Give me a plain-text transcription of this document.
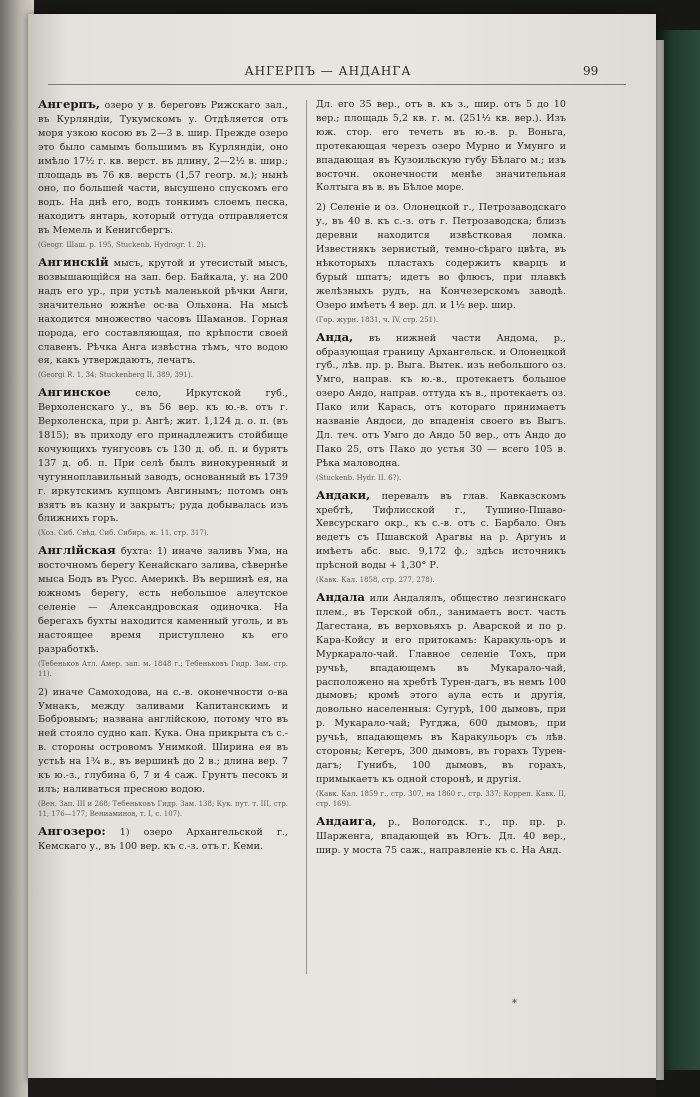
АНГЕРПЪ — АНДАНГА	99

Ангерпъ, озеро у в. береговъ Рижскаго зал., въ Курляндіи, Тукумскомъ у. Отдѣляется отъ моря узкою косою въ 2—3 в. шир. Прежде озеро это было самымъ большимъ въ Курляндіи, оно имѣло 17½ г. кв. верст. въ длину, 2—2½ в. шир.; площадь въ 76 кв. верстъ (1,57 геогр. м.); нынѣ оно, по большей части, высушено спускомъ его водъ. На днѣ его, водъ тонкимъ слоемъ песка, находитъ янтарь, который оттуда отправляется въ Мемель и Кенигсбергъ.
(Geogr. Шаш. р. 195, Stuckenb. Hydrogr. 1. 2).

Ангинскій мысъ, крутой и утесистый мысъ, возвышающійся на зап. бер. Байкала, у. на 200 надъ его ур., при устьѣ маленькой рѣчки Анги, значительно южнѣе ос-ва Ольхона. На мысѣ находится множество часовъ Шаманов. Горная порода, его составляющая, по крѣпости своей славенъ. Рѣчка Анга извѣстна тѣмъ, что водою ея, какъ утверждаютъ, лечатъ.
(Georgi R. 1, 34; Stuckenberg II, 389, 391).

Ангинское	село, Иркутской губ., Верхоленскаго у., въ 56 вер. къ ю.-в. отъ г. Верхоленска, при р. Ангѣ; жит. 1,124 д. о. п. (въ 1815); въ приходу его принадлежитъ стойбище кочующихъ тунгусовъ съ 130 д. об. п. и бурятъ 137 д. об. п. При селѣ былъ винокуренный и чугунноплавильный заводъ, основанный въ 1739 г. иркутскимъ купцомъ Ангинымъ; потомъ онъ взятъ въ казну и закрытъ; руда добывалась изъ ближнихъ горъ.
(Хоз. Сиб. Свѣд. Сиб. Сибирь, ж. 11, стр. 317).

Англійская бухта: 1) иначе заливъ Ума, на восточномъ берегу Кенайскаго залива, сѣвернѣе мыса Бодъ въ Русс. Америкѣ. Въ вершинѣ ея, на южномъ берегу, есть небольшое алеутское селеніе — Александровская одиночка. На берегахъ бухты находится каменный уголь, и въ настоящее время приступлено къ его разработкѣ.
(Тебеньков Атл. Амер. зап. м. 1848 г.; Тебеньковъ Гидр. Зам. стр. 11).

2) иначе Самоходова, на с.-в. оконечности о-ва Умнакъ, между заливами Капитанскимъ и Бобровымъ; названа англійскою, потому что въ ней стояло судно кап. Кука. Она прикрыта съ с.-в. стороны островомъ Унимкой. Ширина ея въ устьѣ на 1¾ в., въ вершинѣ до 2 в.; длина вер. 7 къ ю.-з., глубина 6, 7 и 4 саж. Грунтъ песокъ и илъ; наливаться пресною водою.
(Вен. Зап. III и 268; Тебеньковъ Гидр. Зам. 138; Кук. пут. т. III, стр. 11, 176—177; Вениаминов, т. I, с. 107).

Ангозеро: 1) озеро Архангельской г., Кемскаго у., въ 100 вер. къ с.-з. отъ г. Кеми.

Дл. его 35 вер., отъ в. къ з., шир. отъ 5 до 10 вер.; площадь 5,2 кв. г. м. (251½ кв. вер.). Изъ юж. стор. его течетъ въ ю.-в. р. Воньга, протекающая черезъ озеро Мурно и Умунго и впадающая въ Кузоильскую губу Бѣлаго м.; изъ восточн. оконечности менѣе значительная Колтыга въ в. въ Бѣлое море.

2) Селеніе и оз. Олонецкой г., Петрозаводскаго у., въ 40 в. къ с.-з. отъ г. Петрозаводска; близъ деревни находится извѣстковая ломка. Известнякъ зернистый, темно-сѣраго цвѣта, въ нѣкоторыхъ пластахъ содержитъ кварцъ и бурый шпатъ; идетъ во флюсъ, при плавкѣ желѣзныхъ рудъ, на Кончезерскомъ заводѣ. Озеро имѣетъ 4 вер. дл. и 1½ вер. шир.
(Гор. журн. 1831, ч. IV, стр. 251).

Анда, въ нижней части Андома, р., образующая границу Архангельск. и Олонецкой губ., лѣв. пр. р. Выга. Вытек. изъ небольшого оз. Умго, направ. къ ю.-в., протекаетъ большое озеро Андо, направ. оттуда къ в., протекаетъ оз. Пако или Карась, отъ котораго принимаетъ названіе Андоси, до впаденія своего въ Выгъ. Дл. теч. отъ Умго до Андо 50 вер., отъ Андо до Пако 25, отъ Пако до устья 30 — всего 105 в. Рѣка маловодна.
(Stuckenb. Hydr. II. 6?).

Андаки, перевалъ въ глав. Кавказскомъ хребтѣ, Тифлисской г., Тушино-Пшаво-Хевсурскаго окр., къ с.-в. отъ с. Барбало. Онъ ведетъ съ Пшавской Арагвы на р. Аргунъ и имѣетъ абс. выс. 9,172 ф.; здѣсь источникъ прѣсной воды + 1,30° Р.
(Кавк. Кал. 1858, стр. 277, 278).

Андала или Андалялъ, общество лезгинскаго плем., въ Терской обл., занимаетъ вост. часть Дагестана, въ верховьяхъ р. Аварской и по р. Кара-Койсу и его притокамъ: Каракуль-оръ и Муркарало-чай. Главное селеніе Тохъ, при ручьѣ, впадающемъ въ Мукарало-чай, расположено на хребтѣ Турен-дагъ, въ немъ 100 дымовъ; кромѣ этого аула есть и другія, довольно населенныя: Сугурѣ, 100 дымовъ, при р. Мукарало-чай; Ругджа, 600 дымовъ, при ручьѣ, впадающемъ въ Каракульоръ съ лѣв. стороны; Кегеръ, 300 дымовъ, въ горахъ Турен-дагъ; Гунибъ, 100 дымовъ, въ горахъ, примыкаетъ къ одной сторонѣ, и другія.
(Кавк. Кал. 1859 г., стр. 307, на 1860 г., стр. 337; Корреп. Кавк. II, стр. 169).

Андаига, р., Вологодск. г., пр. пр. р. Шарженга, впадающей въ Югъ. Дл. 40 вер., шир. у моста 75 саж., направленіе къ с. На Анд.

*
